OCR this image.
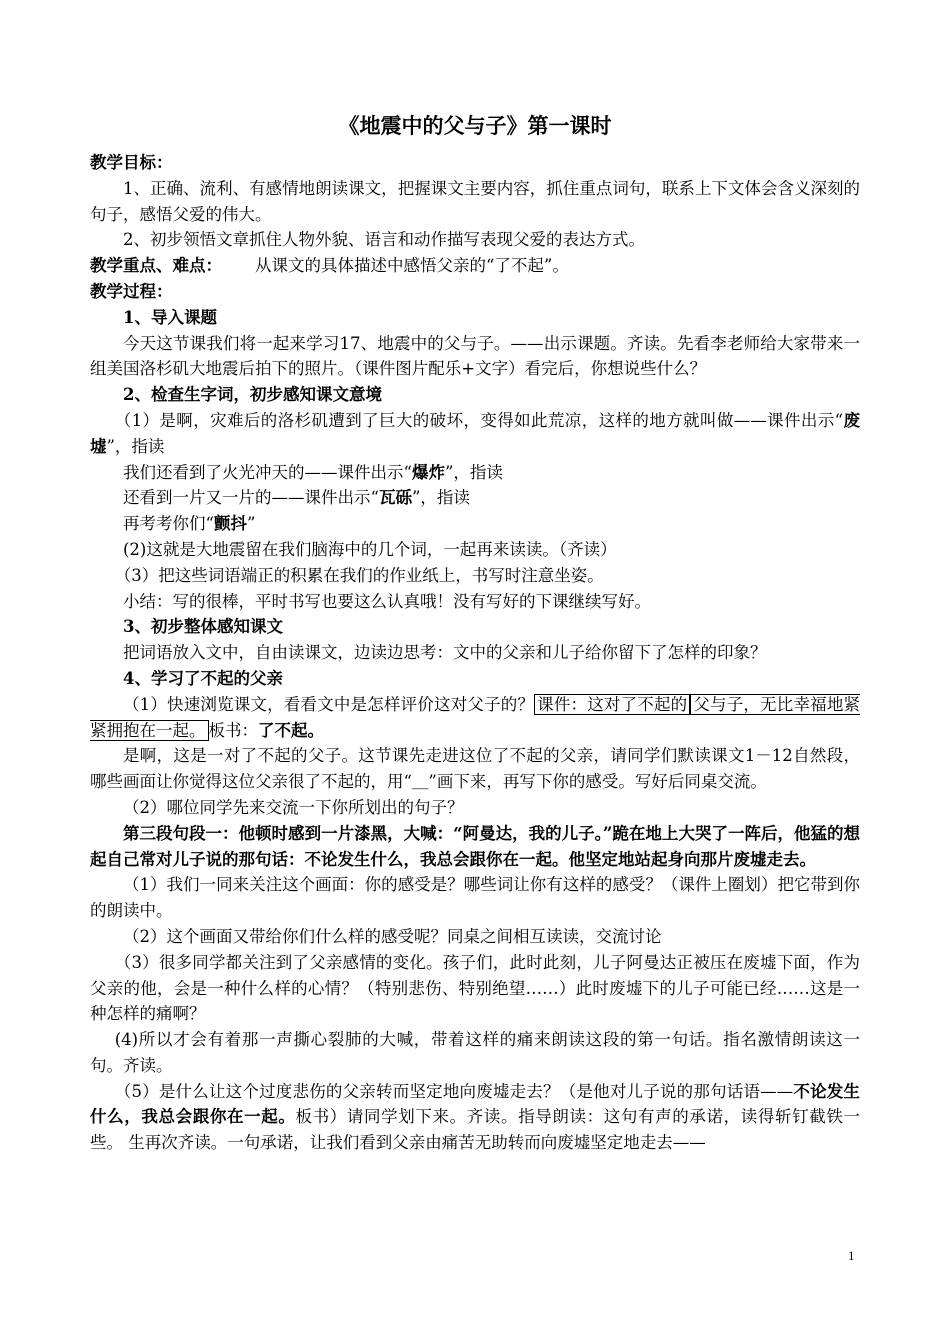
《地震中的父与子》第一课时

教学目标：

1、正确、流利、有感情地朗读课文，把握课文主要内容，抓住重点词句，联系上下文体会含义深刻的句子，感悟父爱的伟大。

2、初步领悟文章抓住人物外貌、语言和动作描写表现父爱的表达方式。

教学重点、难点：   从课文的具体描述中感悟父亲的“了不起”。

教学过程：

1、导入课题

今天这节课我们将一起来学习17、地震中的父与子。——出示课题。齐读。先看李老师给大家带来一组美国洛杉矶大地震后拍下的照片。（课件图片配乐+文字）看完后，你想说些什么？

2、检查生字词，初步感知课文意境

（1）是啊，灾难后的洛杉矶遭到了巨大的破坏，变得如此荒凉，这样的地方就叫做——课件出示“废墟”，指读

我们还看到了火光冲天的——课件出示“爆炸”，指读

还看到一片又一片的——课件出示“瓦砾”，指读

再考考你们“颤抖”

(2)这就是大地震留在我们脑海中的几个词，一起再来读读。（齐读）

（3）把这些词语端正的积累在我们的作业纸上，书写时注意坐姿。

小结：写的很棒，平时书写也要这么认真哦！没有写好的下课继续写好。

3、初步整体感知课文

把词语放入文中，自由读课文，边读边思考：文中的父亲和儿子给你留下了怎样的印象？

4、学习了不起的父亲

（1）快速浏览课文，看看文中是怎样评价这对父子的？ 课件：这对了不起的 父与子，无比幸福地紧紧拥抱在一起。 板书：了不起。

是啊，这是一对了不起的父子。这节课先走进这位了不起的父亲，请同学们默读课文1－12自然段，哪些画面让你觉得这位父亲很了不起的，用“＿”画下来，再写下你的感受。写好后同桌交流。

（2）哪位同学先来交流一下你所划出的句子？

第三段句段一：他顿时感到一片漆黑，大喊：“阿曼达，我的儿子。”跪在地上大哭了一阵后，他猛的想起自己常对儿子说的那句话：不论发生什么，我总会跟你在一起。他坚定地站起身向那片废墟走去。

（1）我们一同来关注这个画面：你的感受是？哪些词让你有这样的感受？（课件上圈划）把它带到你的朗读中。

（2）这个画面又带给你们什么样的感受呢？同桌之间相互读读，交流讨论

（3）很多同学都关注到了父亲感情的变化。孩子们，此时此刻，儿子阿曼达正被压在废墟下面，作为父亲的他，会是一种什么样的心情？（特别悲伤、特别绝望……）此时废墟下的儿子可能已经……这是一种怎样的痛啊？

(4)所以才会有着那一声撕心裂肺的大喊，带着这样的痛来朗读这段的第一句话。指名激情朗读这一句。齐读。

（5）是什么让这个过度悲伤的父亲转而坚定地向废墟走去？（是他对儿子说的那句话语——不论发生什么，我总会跟你在一起。板书）请同学划下来。齐读。指导朗读：这句有声的承诺，读得斩钉截铁一些。 生再次齐读。一句承诺，让我们看到父亲由痛苦无助转而向废墟坚定地走去——

1
